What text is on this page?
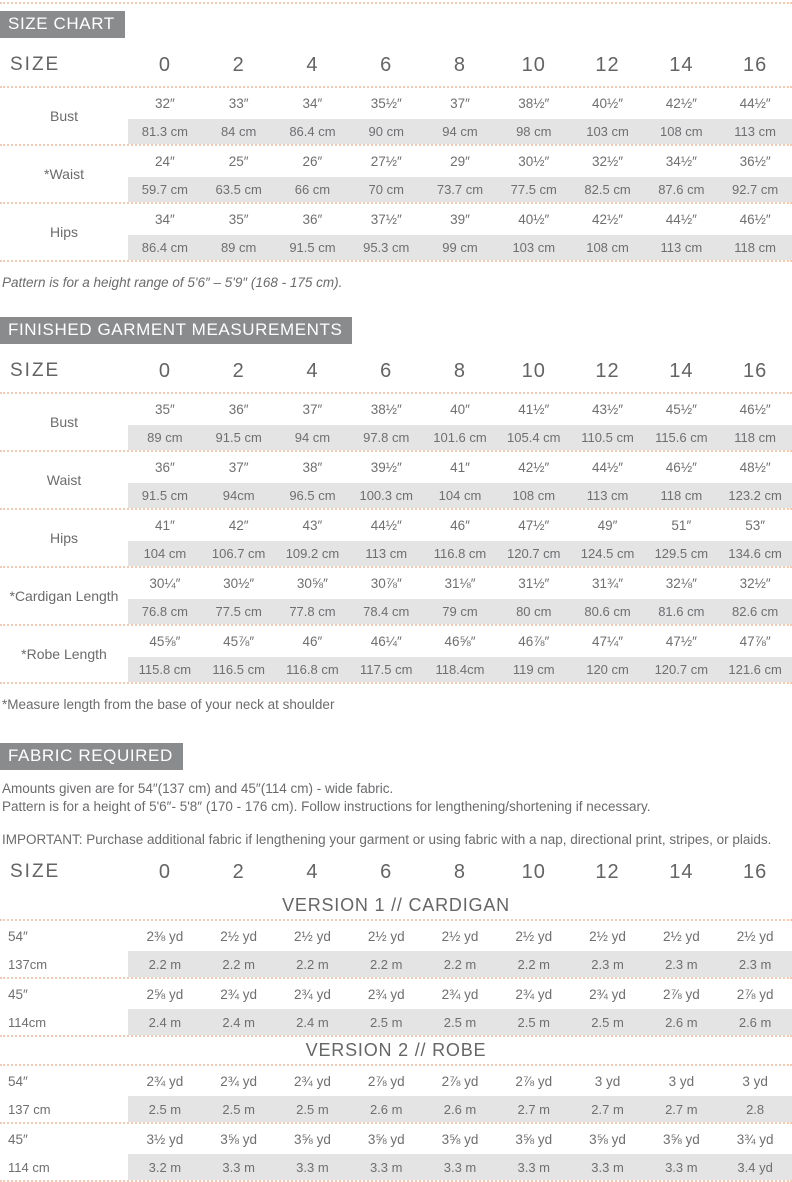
SIZE CHART
SIZE	0	2	4	6	8	10	12	14	16
Bust
32″	33″	34″	35½″	37″	38½″	40½″	42½″	44½″
81.3 cm	84 cm	86.4 cm	90 cm	94 cm	98 cm	103 cm	108 cm	113 cm
*Waist
24″	25″	26″	27½″	29″	30½″	32½″	34½″	36½″
59.7 cm	63.5 cm	66 cm	70 cm	73.7 cm	77.5 cm	82.5 cm	87.6 cm	92.7 cm
Hips
34″	35″	36″	37½″	39″	40½″	42½″	44½″	46½″
86.4 cm	89 cm	91.5 cm	95.3 cm	99 cm	103 cm	108 cm	113 cm	118 cm

Pattern is for a height range of 5'6″ – 5'9″ (168 - 175 cm).

FINISHED GARMENT MEASUREMENTS
SIZE	0	2	4	6	8	10	12	14	16
Bust
35″	36″	37″	38½″	40″	41½″	43½″	45½″	46½″
89 cm	91.5 cm	94 cm	97.8 cm	101.6 cm	105.4 cm	110.5 cm	115.6 cm	118 cm
Waist
36″	37″	38″	39½″	41″	42½″	44½″	46½″	48½″
91.5 cm	94cm	96.5 cm	100.3 cm	104 cm	108 cm	113 cm	118 cm	123.2 cm
Hips
41″	42″	43″	44½″	46″	47½″	49″	51″	53″
104 cm	106.7 cm	109.2 cm	113 cm	116.8 cm	120.7 cm	124.5 cm	129.5 cm	134.6 cm
*Cardigan Length
30¼″	30½″	30⅝″	30⅞″	31⅛″	31½″	31¾″	32⅛″	32½″
76.8 cm	77.5 cm	77.8 cm	78.4 cm	79 cm	80 cm	80.6 cm	81.6 cm	82.6 cm
*Robe Length
45⅝″	45⅞″	46″	46¼″	46⅝″	46⅞″	47¼″	47½″	47⅞″
115.8 cm	116.5 cm	116.8 cm	117.5 cm	118.4cm	119 cm	120 cm	120.7 cm	121.6 cm

*Measure length from the base of your neck at shoulder

FABRIC REQUIRED

Amounts given are for 54″(137 cm) and 45″(114 cm) - wide fabric.
Pattern is for a height of 5'6″- 5'8″ (170 - 176 cm). Follow instructions for lengthening/shortening if necessary.

IMPORTANT: Purchase additional fabric if lengthening your garment or using fabric with a nap, directional print, stripes, or plaids.

SIZE	0	2	4	6	8	10	12	14	16
VERSION 1 // CARDIGAN
54″	2⅜ yd	2½ yd	2½ yd	2½ yd	2½ yd	2½ yd	2½ yd	2½ yd	2½ yd
137cm	2.2 m	2.2 m	2.2 m	2.2 m	2.2 m	2.2 m	2.3 m	2.3 m	2.3 m
45″	2⅝ yd	2¾ yd	2¾ yd	2¾ yd	2¾ yd	2¾ yd	2¾ yd	2⅞ yd	2⅞ yd
114cm	2.4 m	2.4 m	2.4 m	2.5 m	2.5 m	2.5 m	2.5 m	2.6 m	2.6 m
VERSION 2 // ROBE
54″	2¾ yd	2¾ yd	2¾ yd	2⅞ yd	2⅞ yd	2⅞ yd	3 yd	3 yd	3 yd
137 cm	2.5 m	2.5 m	2.5 m	2.6 m	2.6 m	2.7 m	2.7 m	2.7 m	2.8
45″	3½ yd	3⅝ yd	3⅝ yd	3⅝ yd	3⅝ yd	3⅝ yd	3⅝ yd	3⅝ yd	3¾ yd
114 cm	3.2 m	3.3 m	3.3 m	3.3 m	3.3 m	3.3 m	3.3 m	3.3 m	3.4 yd
